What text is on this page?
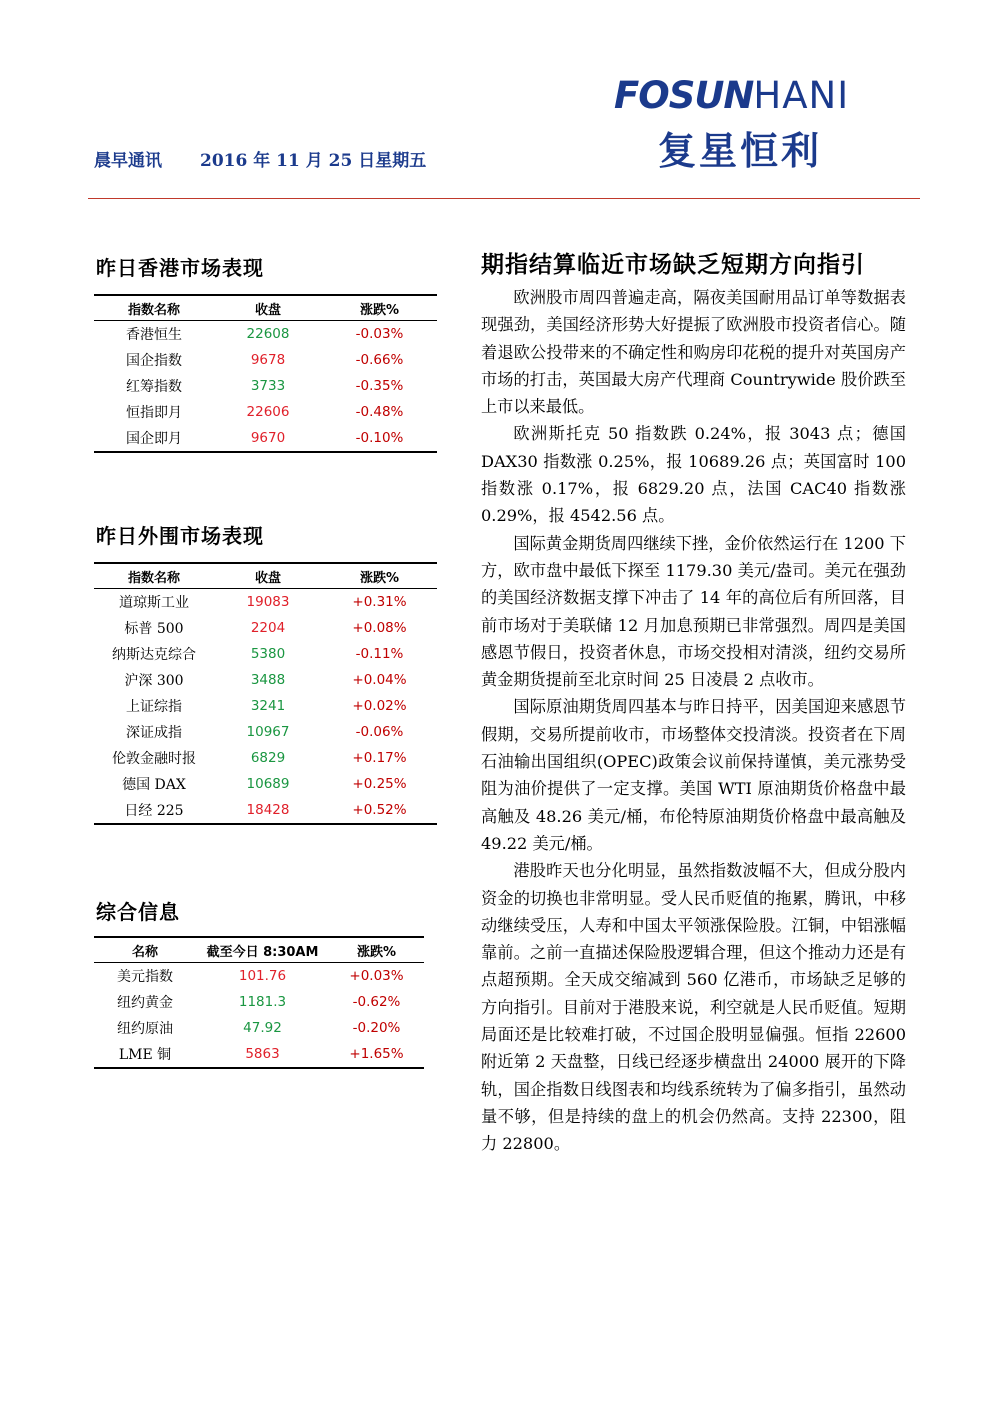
FOSUNHANI
复星恒利
晨早通讯 2016 年 11 月 25 日星期五
昨日香港市场表现
指数名称	收盘	涨跌%
香港恒生	22608	-0.03%
国企指数	9678	-0.66%
红筹指数	3733	-0.35%
恒指即月	22606	-0.48%
国企即月	9670	-0.10%
昨日外围市场表现
指数名称	收盘	涨跌%
道琼斯工业	19083	+0.31%
标普 500	2204	+0.08%
纳斯达克综合	5380	-0.11%
沪深 300	3488	+0.04%
上证综指	3241	+0.02%
深证成指	10967	-0.06%
伦敦金融时报	6829	+0.17%
德国 DAX	10689	+0.25%
日经 225	18428	+0.52%
综合信息
名称	截至今日 8:30AM	涨跌%
美元指数	101.76	+0.03%
纽约黄金	1181.3	-0.62%
纽约原油	47.92	-0.20%
LME 铜	5863	+1.65%
期指结算临近市场缺乏短期方向指引

欧洲股市周四普遍走高，隔夜美国耐用品订单等数据表现强劲，美国经济形势大好提振了欧洲股市投资者信心。随着退欧公投带来的不确定性和购房印花税的提升对英国房产市场的打击，英国最大房产代理商 Countrywide 股价跌至上市以来最低。

欧洲斯托克 50 指数跌 0.24%，报 3043 点；德国 DAX30 指数涨 0.25%，报 10689.26 点；英国富时 100 指数涨 0.17%，报 6829.20 点，法国 CAC40 指数涨 0.29%，报 4542.56 点。

国际黄金期货周四继续下挫，金价依然运行在 1200 下方，欧市盘中最低下探至 1179.30 美元/盎司。美元在强劲的美国经济数据支撑下冲击了 14 年的高位后有所回落，目前市场对于美联储 12 月加息预期已非常强烈。周四是美国感恩节假日，投资者休息，市场交投相对清淡，纽约交易所黄金期货提前至北京时间 25 日凌晨 2 点收市。

国际原油期货周四基本与昨日持平，因美国迎来感恩节假期，交易所提前收市，市场整体交投清淡。投资者在下周石油输出国组织(OPEC)政策会议前保持谨慎，美元涨势受阻为油价提供了一定支撑。美国 WTI 原油期货价格盘中最高触及 48.26 美元/桶，布伦特原油期货价格盘中最高触及 49.22 美元/桶。

港股昨天也分化明显，虽然指数波幅不大，但成分股内资金的切换也非常明显。受人民币贬值的拖累，腾讯，中移动继续受压，人寿和中国太平领涨保险股。江铜，中铝涨幅靠前。之前一直描述保险股逻辑合理，但这个推动力还是有点超预期。全天成交缩减到 560 亿港币，市场缺乏足够的方向指引。目前对于港股来说，利空就是人民币贬值。短期局面还是比较难打破，不过国企股明显偏强。恒指 22600 附近第 2 天盘整，日线已经逐步横盘出 24000 展开的下降轨，国企指数日线图表和均线系统转为了偏多指引，虽然动量不够，但是持续的盘上的机会仍然高。支持 22300，阻力 22800。
